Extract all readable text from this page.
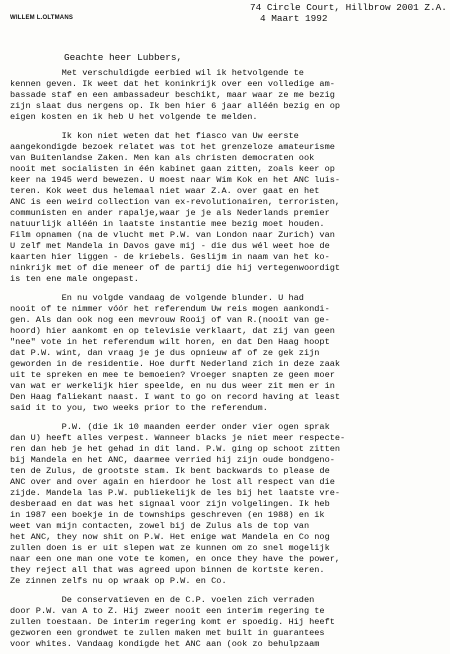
74 Circle Court, Hillbrow 2001 Z.A.
4 Maart 1992
WILLEM L.OLTMANS
Geachte heer Lubbers,
Met verschuldigde eerbied wil ik hetvolgende te
kennen geven. Ik weet dat het koninkrijk over een volledige am-
bassade staf en een ambassadeur beschikt, maar waar ze me bezig
zijn slaat dus nergens op. Ik ben hier 6 jaar alléén bezig en op
eigen kosten en ik heb U het volgende te melden.
Ik kon niet weten dat het fiasco van Uw eerste
aangekondigde bezoek relatet was tot het grenzeloze amateurisme
van Buitenlandse Zaken. Men kan als christen democraten ook
nooit met socialisten in één kabinet gaan zitten, zoals keer op
keer na 1945 werd bewezen. U moest naar Wim Kok en het ANC luis-
teren. Kok weet dus helemaal niet waar Z.A. over gaat en het
ANC is een weird collection van ex-revolutionairen, terroristen,
communisten en ander rapalje,waar je je als Nederlands premier
natuurlijk alléén in laatste instantie mee bezig moet houden.
Film opnamen (na de vlucht met P.W. van London naar Zurich) van
U zelf met Mandela in Davos gave mij - die dus wél weet hoe de
kaarten hier liggen - de kriebels. Geslijm in naam van het ko-
ninkrijk met of die meneer of de partij die hij vertegenwoordigt
is ten ene male ongepast.
En nu volgde vandaag de volgende blunder. U had
nooit of te nimmer vóór het referendum Uw reis mogen aankondi-
gen. Als dan ook nog een mevrouw Rooij of van R.(nooit van ge-
hoord) hier aankomt en op televisie verklaart, dat zij van geen
"nee" vote in het referendum wilt horen, en dat Den Haag hoopt
dat P.W. wint, dan vraag je je dus opnieuw af of ze gek zijn
geworden in de residentie. Hoe durft Nederland zich in deze zaak
uit te spreken en mee te bemoeien? Vroeger snapten ze geen moer
van wat er werkelijk hier speelde, en nu dus weer zit men er in
Den Haag faliekant naast. I want to go on record having at least
said it to you, two weeks prior to the referendum.
P.W. (die ik 10 maanden eerder onder vier ogen sprak
dan U) heeft alles verpest. Wanneer blacks je niet meer respecte-
ren dan heb je het gehad in dit land. P.W. ging op schoot zitten
bij Mandela en het ANC, daarmee verried hij zijn oude bondgeno-
ten de Zulus, de grootste stam. Ik bent backwards to please de
ANC over and over again en hierdoor he lost all respect van die
zijde. Mandela las P.W. publiekelijk de les bij het laatste vre-
desberaad en dat was het signaal voor zijn volgelingen. Ik heb
in 1987 een boekje in de townships geschreven (en 1988) en ik
weet van mijn contacten, zowel bij de Zulus als de top van
het ANC, they now shit on P.W. Het enige wat Mandela en Co nog
zullen doen is er uit slepen wat ze kunnen om zo snel mogelijk
naar een one man one vote te komen, en once they have the power,
they reject all that was agreed upon binnen de kortste keren.
Ze zinnen zelfs nu op wraak op P.W. en Co.
De conservatieven en de C.P. voelen zich verraden
door P.W. van A to Z. Hij zweer nooit een interim regering te
zullen toestaan. De interim regering komt er spoedig. Hij heeft
gezworen een grondwet te zullen maken met built in guarantees
voor whites. Vandaag kondigde het ANC aan (ook zo behulpzaam
